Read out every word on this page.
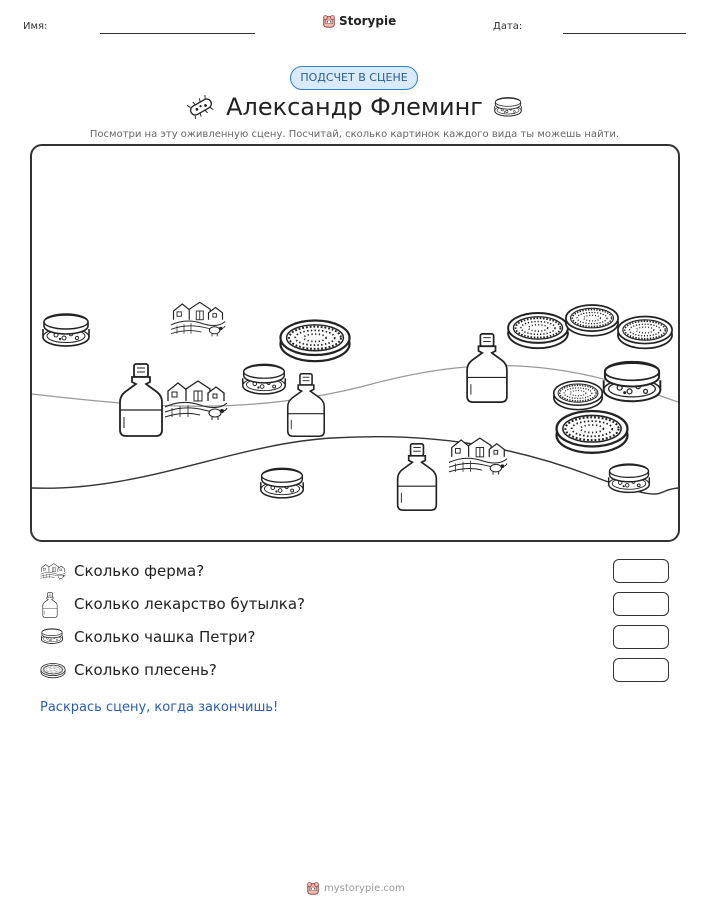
Имя:	Storypie	Дата:
ПОДСЧЕТ В СЦЕНЕ
Александр Флеминг
Посмотри на эту оживленную сцену. Посчитай, сколько картинок каждого вида ты можешь найти.
Сколько ферма?
Сколько лекарство бутылка?
Сколько чашка Петри?
Сколько плесень?
Раскрась сцену, когда закончишь!
mystorypie.com
